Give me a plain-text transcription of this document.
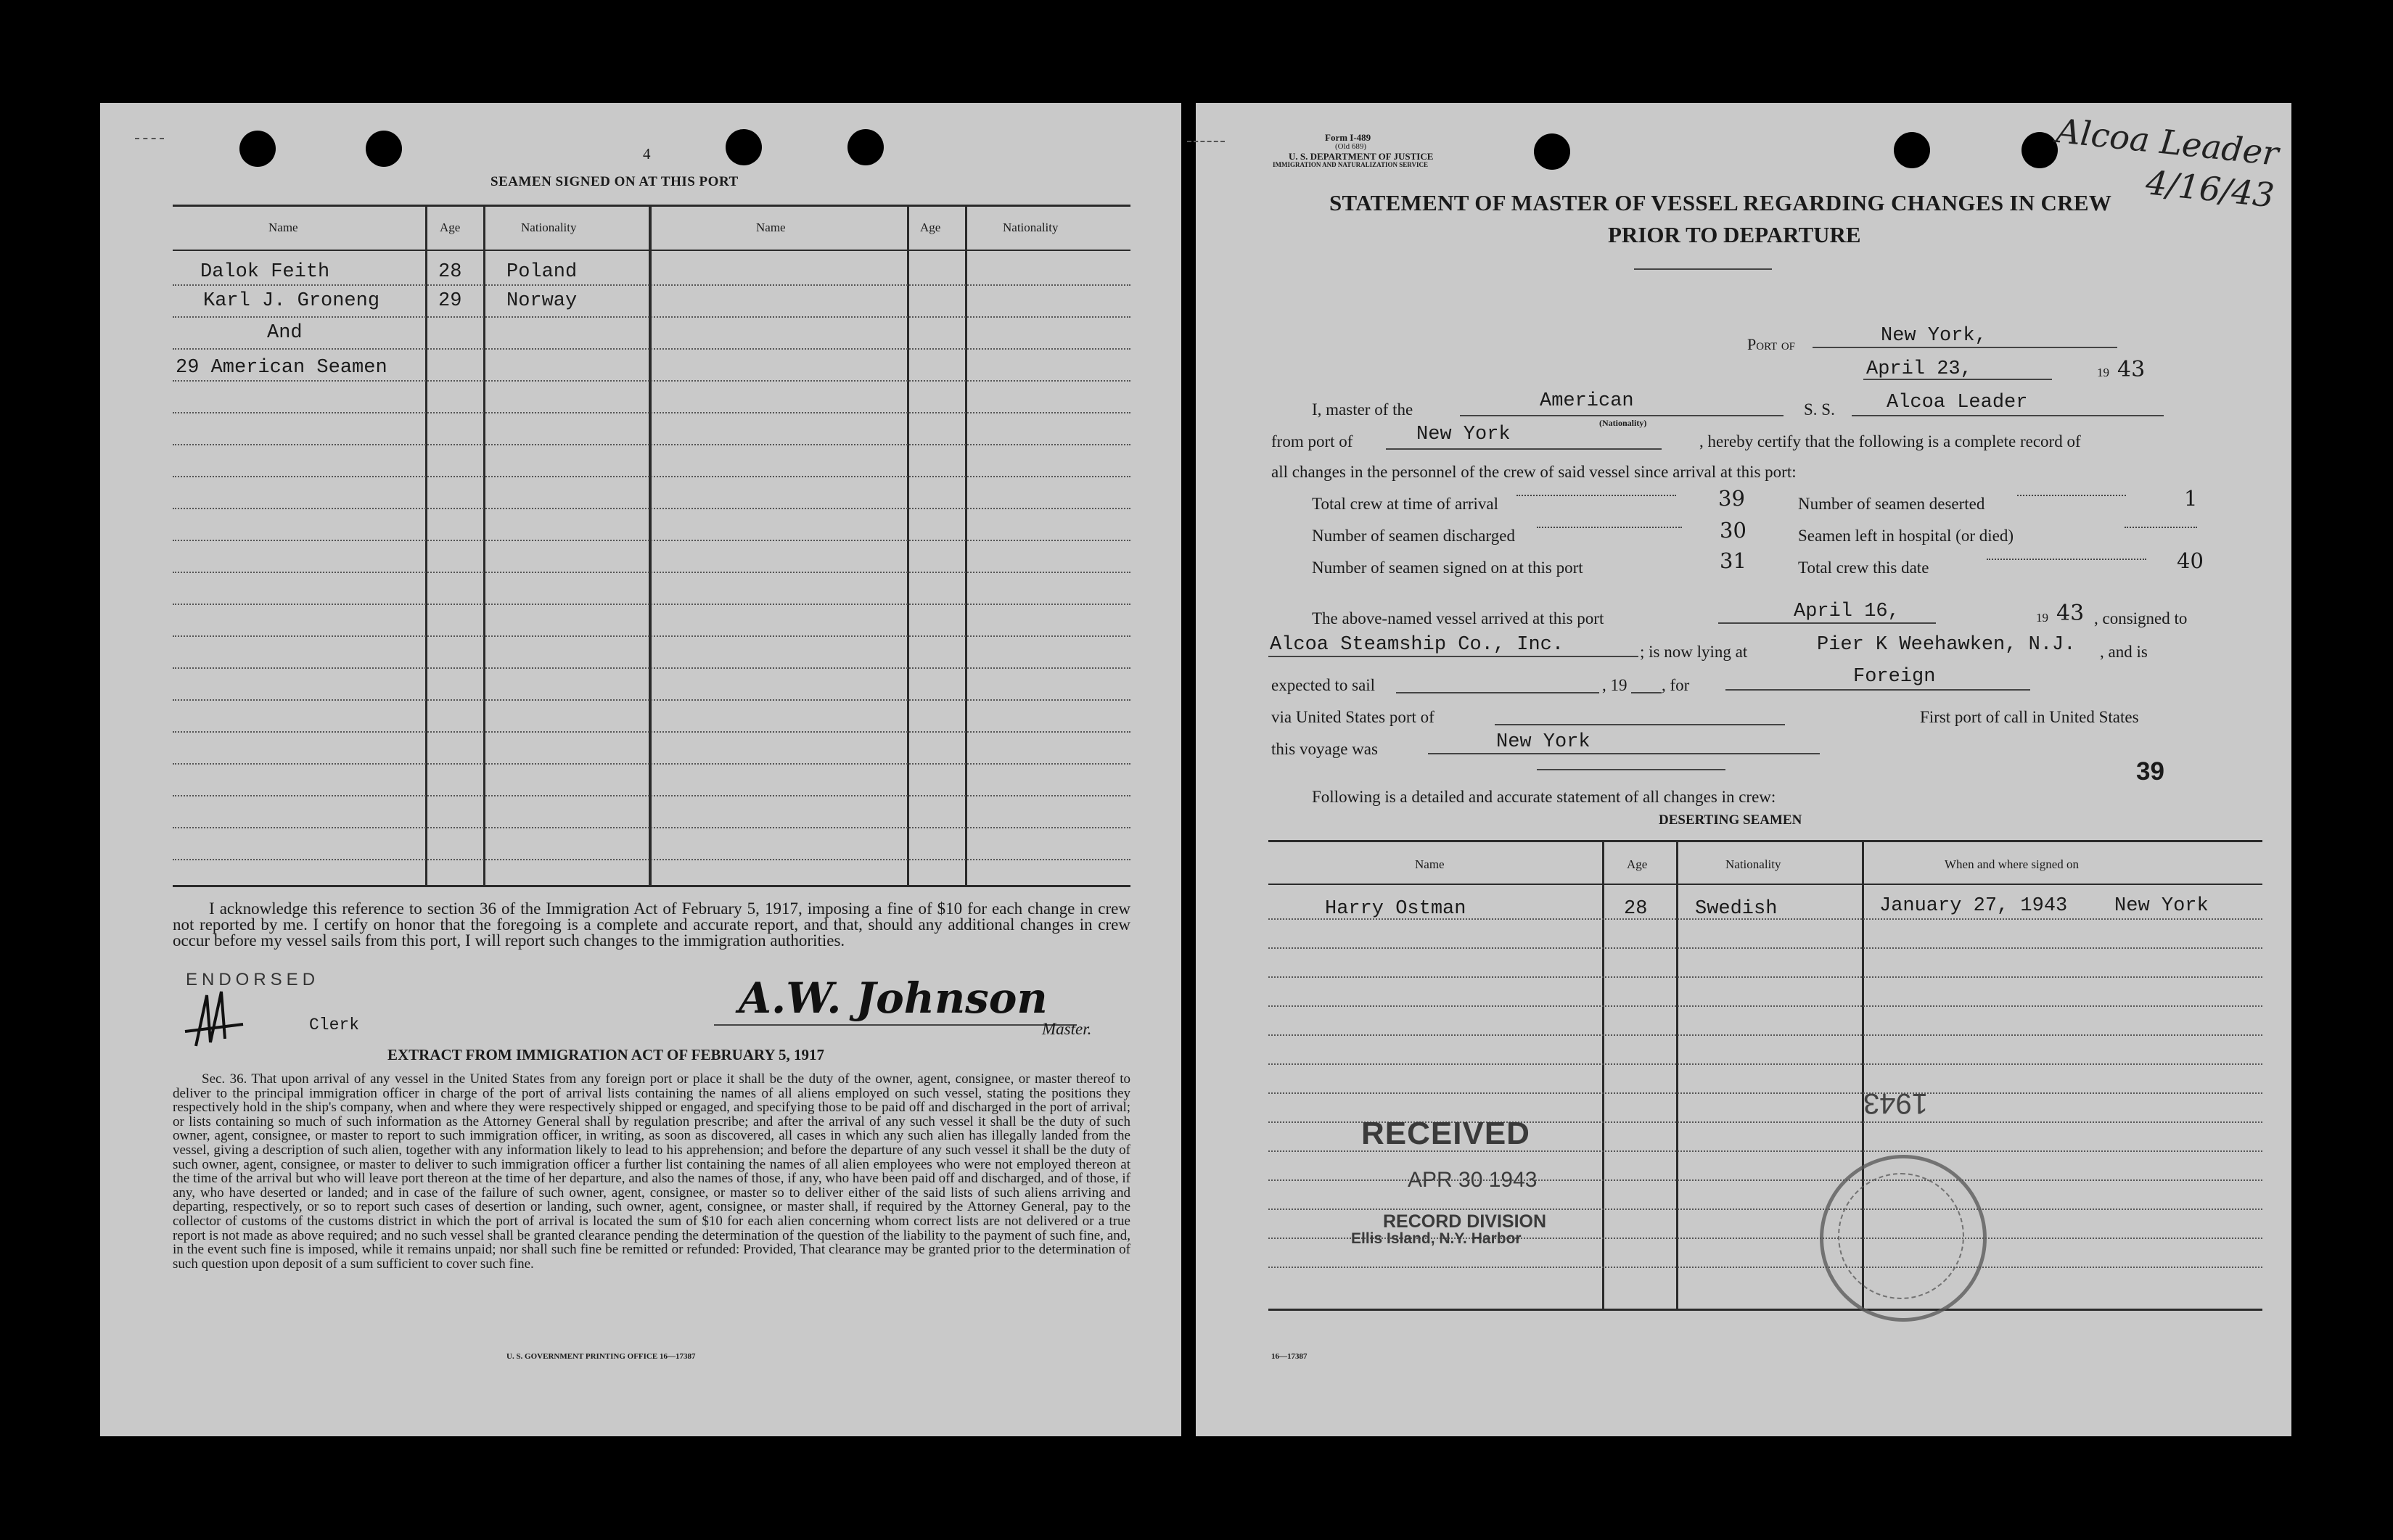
4
SEAMEN SIGNED ON AT THIS PORT
Name	Age	Nationality	Name	Age	Nationality
Dalok Feith	28 Poland
Karl J. Groneng	29 Norway
And
29 American Seamen
I acknowledge this reference to section 36 of the Immigration Act of February 5, 1917, imposing a fine of $10 for each change in crew not reported by me. I certify on honor that the foregoing is a complete and accurate report, and that, should any additional changes in crew occur before my vessel sails from this port, I will report such changes to the immigration authorities.
ENDORSED
Clerk
A.W. Johnson
Master.
EXTRACT FROM IMMIGRATION ACT OF FEBRUARY 5, 1917
Sec. 36. That upon arrival of any vessel in the United States from any foreign port or place it shall be the duty of the owner, agent, consignee, or master thereof to deliver to the principal immigration officer in charge of the port of arrival lists containing the names of all aliens employed on such vessel, stating the positions they respectively hold in the ship's company, when and where they were respectively shipped or engaged, and specifying those to be paid off and discharged in the port of arrival; or lists containing so much of such information as the Attorney General shall by regulation prescribe; and after the arrival of any such vessel it shall be the duty of such owner, agent, consignee, or master to report to such immigration officer, in writing, as soon as discovered, all cases in which any such alien has illegally landed from the vessel, giving a description of such alien, together with any information likely to lead to his apprehension; and before the departure of any such vessel it shall be the duty of such owner, agent, consignee, or master to deliver to such immigration officer a further list containing the names of all alien employees who were not employed thereon at the time of the arrival but who will leave port thereon at the time of her departure, and also the names of those, if any, who have been paid off and discharged, and of those, if any, who have deserted or landed; and in case of the failure of such owner, agent, consignee, or master so to deliver either of the said lists of such aliens arriving and departing, respectively, or so to report such cases of desertion or landing, such owner, agent, consignee, or master shall, if required by the Attorney General, pay to the collector of customs of the customs district in which the port of arrival is located the sum of $10 for each alien concerning whom correct lists are not delivered or a true report is not made as above required; and no such vessel shall be granted clearance pending the determination of the question of the liability to the payment of such fine, and, in the event such fine is imposed, while it remains unpaid; nor shall such fine be remitted or refunded: Provided, That clearance may be granted prior to the determination of such question upon deposit of a sum sufficient to cover such fine.
U. S. GOVERNMENT PRINTING OFFICE 16—17387
Form I-489
(Old 689)
U. S. DEPARTMENT OF JUSTICE
IMMIGRATION AND NATURALIZATION SERVICE	Alcoa Leader 4/16/43
STATEMENT OF MASTER OF VESSEL REGARDING CHANGES IN CREW
PRIOR TO DEPARTURE
Port of	New York,
April 23,	19 43
I, master of the	American
(Nationality)
S. S.	Alcoa Leader
from port of	New York	, hereby certify that the following is a complete record of
all changes in the personnel of the crew of said vessel since arrival at this port:
Total crew at time of arrival	39	Number of seamen deserted	1
Number of seamen discharged	30	Seamen left in hospital (or died)
Number of seamen signed on at this port	31	Total crew this date	40
The above-named vessel arrived at this port	April 16,	19 43 , consigned to
Alcoa Steamship Co., Inc.	; is now lying at	Pier K Weehawken, N.J. , and is
expected to sail	, 19 , for	Foreign
via United States port of	First port of call in United States
this voyage was	New York
39
Following is a detailed and accurate statement of all changes in crew:
DESERTING SEAMEN
Name	Age	Nationality	When and where signed on
Harry Ostman	28 Swedish	January 27, 1943    New York
RECEIVED
APR 30 1943
RECORD DIVISION
Ellis Island, N.Y. Harbor
1943
16—17387
